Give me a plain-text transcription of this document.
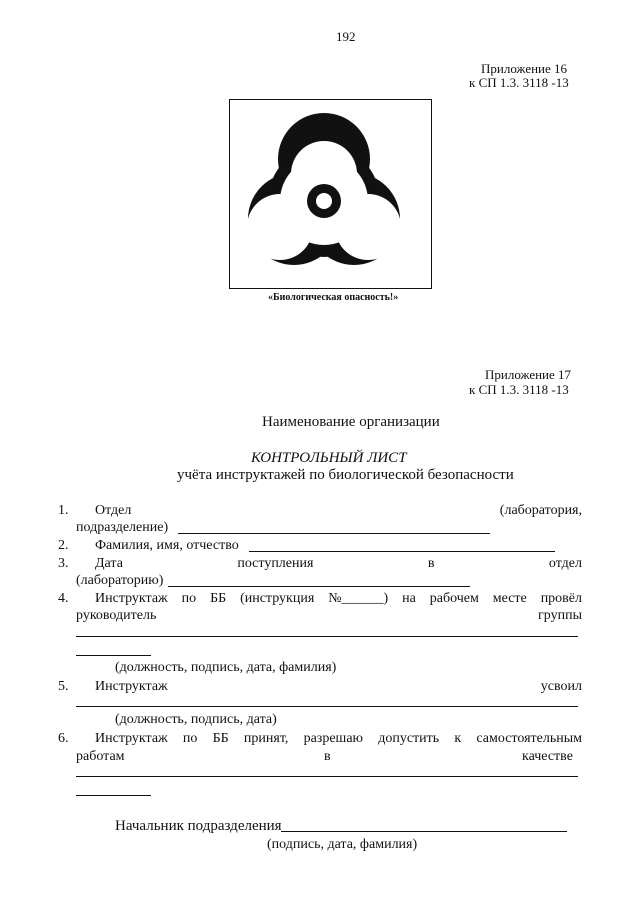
192
Приложение 16
к СП 1.3. 3118 -13
«Биологическая опасность!»
Приложение 17
к СП 1.3. 3118 -13
Наименование организации
КОНТРОЛЬНЫЙ ЛИСТ
учёта инструктажей по биологической безопасности
1. Отдел	(лаборатория,
подразделение)
2. Фамилия, имя, отчество
3. Дата	поступления	в	отдел
(лабораторию)
4. Инструктаж по ББ (инструкция №______) на рабочем месте провёл
руководитель	группы
(должность, подпись, дата, фамилия)
5. Инструктаж	усвоил
(должность, подпись, дата)
6. Инструктаж по ББ принят, разрешаю допустить к самостоятельным
работам	в	качестве
Начальник подразделения
(подпись, дата, фамилия)
